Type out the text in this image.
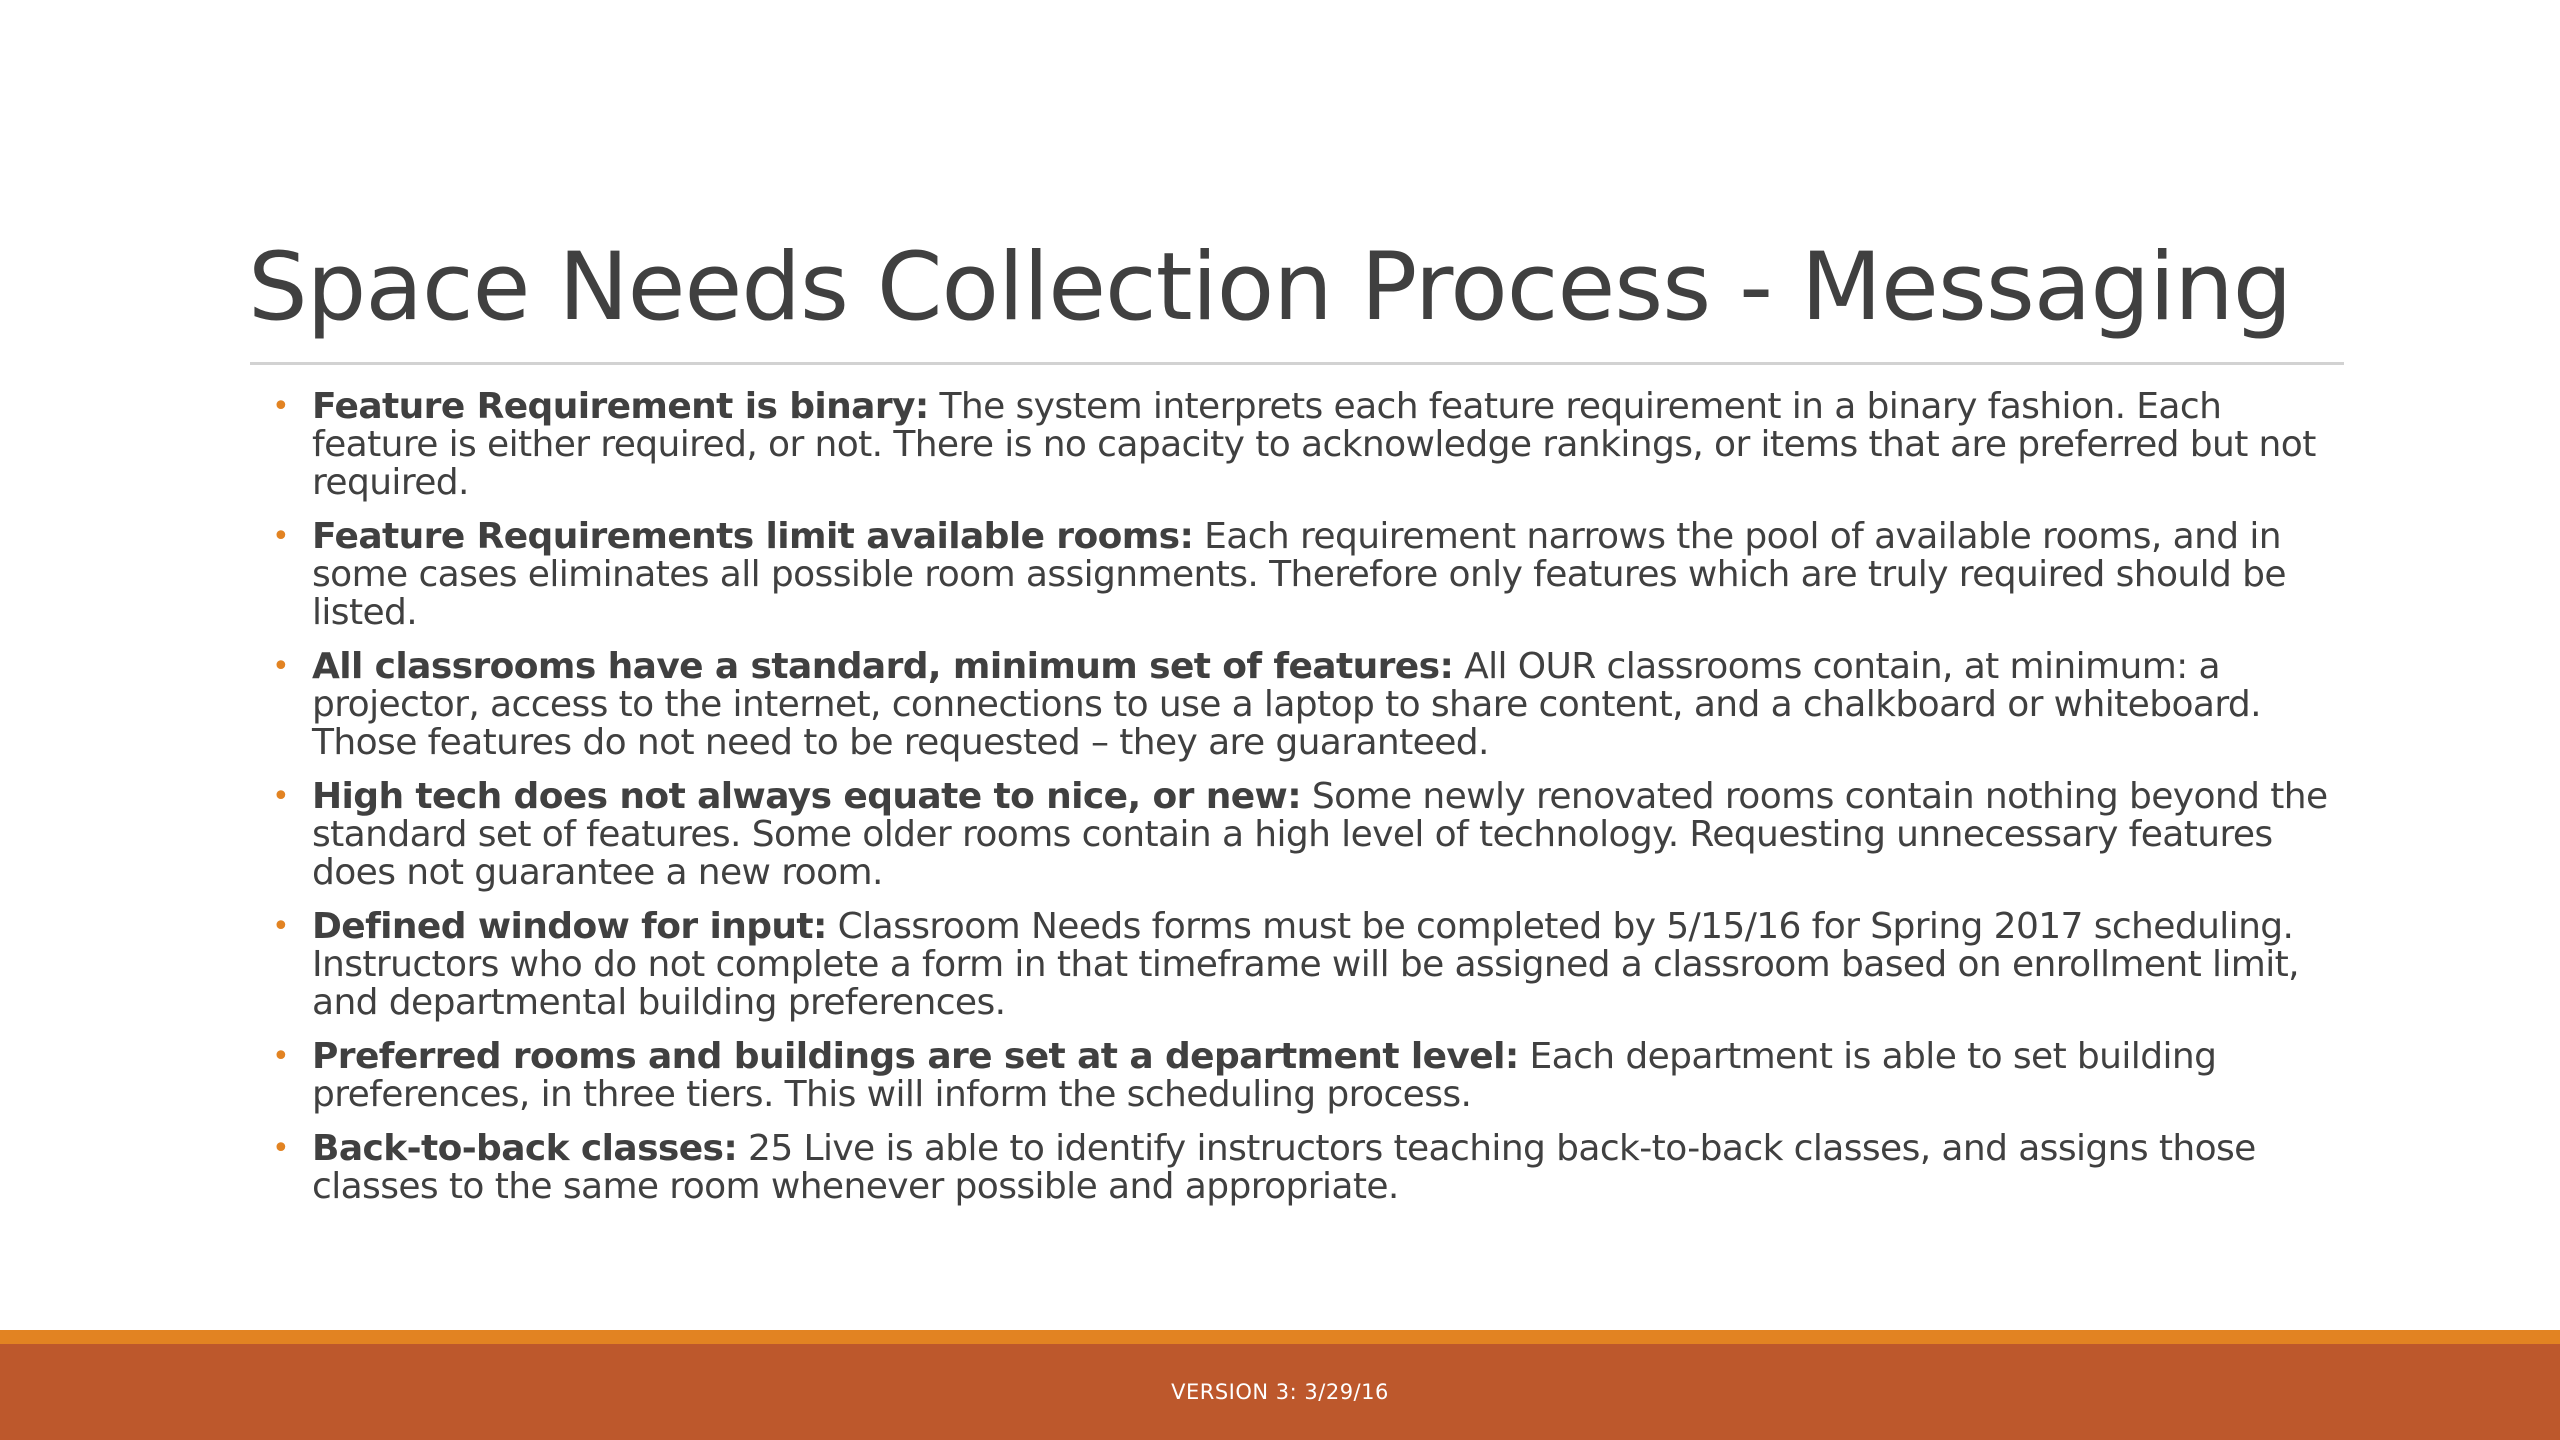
Space Needs Collection Process - Messaging
• Feature Requirement is binary: The system interprets each feature requirement in a binary fashion. Each feature is either required, or not. There is no capacity to acknowledge rankings, or items that are preferred but not required.
• Feature Requirements limit available rooms: Each requirement narrows the pool of available rooms, and in some cases eliminates all possible room assignments. Therefore only features which are truly required should be listed.
• All classrooms have a standard, minimum set of features: All OUR classrooms contain, at minimum: a projector, access to the internet, connections to use a laptop to share content, and a chalkboard or whiteboard. Those features do not need to be requested – they are guaranteed.
• High tech does not always equate to nice, or new: Some newly renovated rooms contain nothing beyond the standard set of features. Some older rooms contain a high level of technology. Requesting unnecessary features does not guarantee a new room.
• Defined window for input: Classroom Needs forms must be completed by 5/15/16 for Spring 2017 scheduling. Instructors who do not complete a form in that timeframe will be assigned a classroom based on enrollment limit, and departmental building preferences.
• Preferred rooms and buildings are set at a department level: Each department is able to set building preferences, in three tiers. This will inform the scheduling process.
• Back-to-back classes: 25 Live is able to identify instructors teaching back-to-back classes, and assigns those classes to the same room whenever possible and appropriate.
VERSION 3: 3/29/16
